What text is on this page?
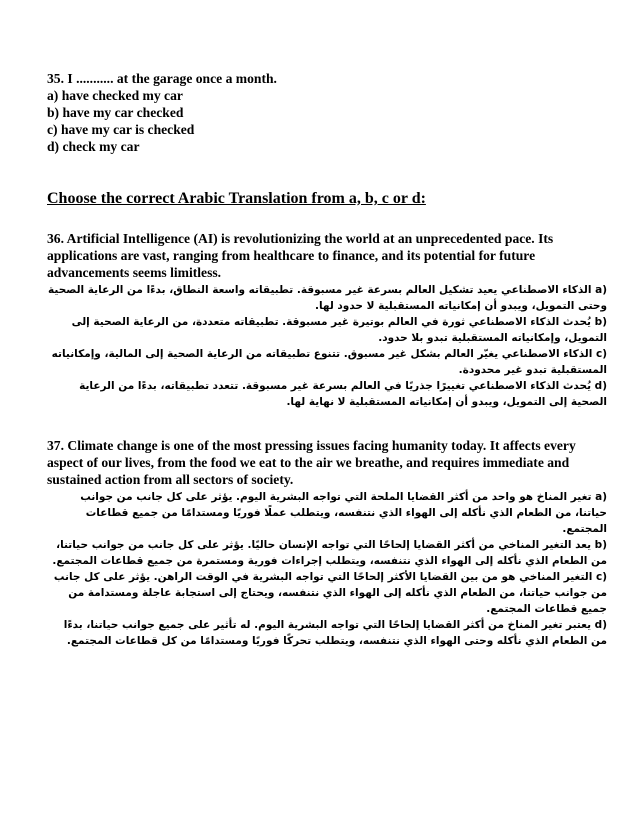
35. I ........... at the garage once a month.
a) have checked my car
b) have my car checked
c) have my car is checked
d) check my car
Choose the correct Arabic Translation from a, b, c or d:
36. Artificial Intelligence (AI) is revolutionizing the world at an unprecedented pace. Its applications are vast, ranging from healthcare to finance, and its potential for future advancements seems limitless.
a) الذكاء الاصطناعي يعيد تشكيل العالم بسرعة غير مسبوقة. تطبيقاته واسعة النطاق، بدءًا من الرعاية الصحية وحتى التمويل، ويبدو أن إمكانياته المستقبلية لا حدود لها.
b) يُحدث الذكاء الاصطناعي ثورة في العالم بوتيرة غير مسبوقة. تطبيقاته متعددة، من الرعاية الصحية إلى التمويل، وإمكانياته المستقبلية تبدو بلا حدود.
c) الذكاء الاصطناعي يغيّر العالم بشكل غير مسبوق. تتنوع تطبيقاته من الرعاية الصحية إلى المالية، وإمكانياته المستقبلية تبدو غير محدودة.
d) يُحدث الذكاء الاصطناعي تغييرًا جذريًا في العالم بسرعة غير مسبوقة. تتعدد تطبيقاته، بدءًا من الرعاية الصحية إلى التمويل، ويبدو أن إمكانياته المستقبلية لا نهاية لها.
37. Climate change is one of the most pressing issues facing humanity today. It affects every aspect of our lives, from the food we eat to the air we breathe, and requires immediate and sustained action from all sectors of society.
a) تغير المناخ هو واحد من أكثر القضايا الملحة التي تواجه البشرية اليوم. يؤثر على كل جانب من جوانب حياتنا، من الطعام الذي نأكله إلى الهواء الذي نتنفسه، ويتطلب عملًا فوريًا ومستدامًا من جميع قطاعات المجتمع.
b) يعد التغير المناخي من أكثر القضايا إلحاحًا التي تواجه الإنسان حاليًا. يؤثر على كل جانب من جوانب حياتنا، من الطعام الذي نأكله إلى الهواء الذي نتنفسه، ويتطلب إجراءات فورية ومستمرة من جميع قطاعات المجتمع.
c) التغير المناخي هو من بين القضايا الأكثر إلحاحًا التي تواجه البشرية في الوقت الراهن. يؤثر على كل جانب من جوانب حياتنا، من الطعام الذي نأكله إلى الهواء الذي نتنفسه، ويحتاج إلى استجابة عاجلة ومستدامة من جميع قطاعات المجتمع.
d) يعتبر تغير المناخ من أكثر القضايا إلحاحًا التي تواجه البشرية اليوم. له تأثير على جميع جوانب حياتنا، بدءًا من الطعام الذي نأكله وحتى الهواء الذي نتنفسه، ويتطلب تحركًا فوريًا ومستدامًا من كل قطاعات المجتمع.
